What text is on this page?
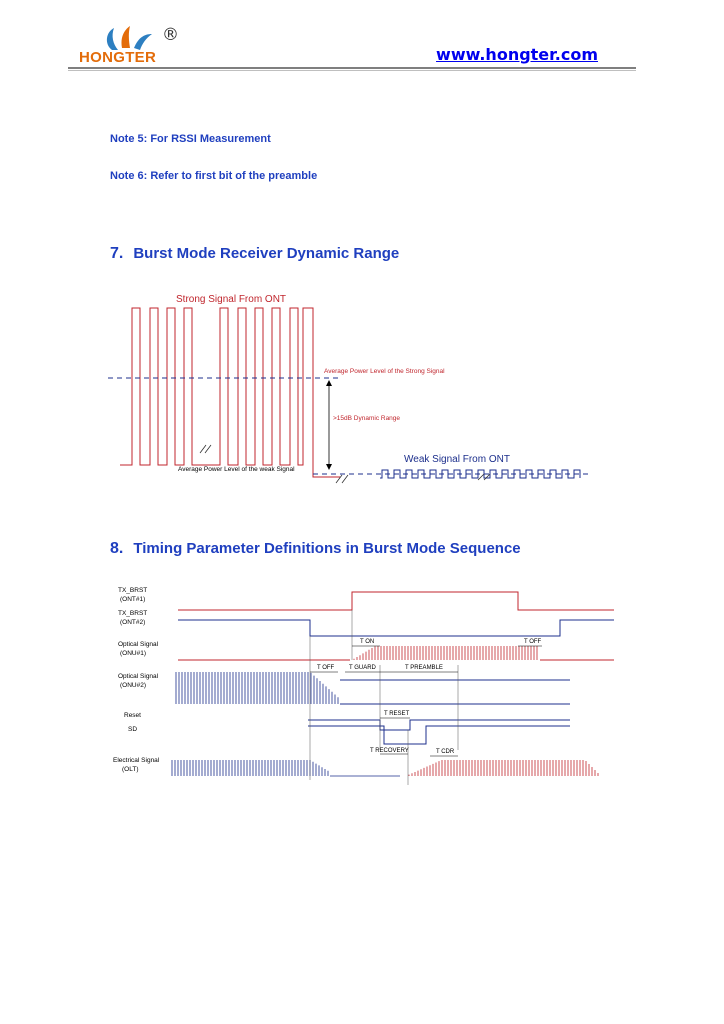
HONGTER
®
www.hongter.com
Note 5: For RSSI Measurement
Note 6: Refer to first bit of the preamble
7. Burst Mode Receiver Dynamic Range
Strong Signal From ONT
Average Power Level of the Strong Signal
>15dB Dynamic Range
Weak Signal From ONT
Average Power Level of the weak Signal
8. Timing Parameter Definitions in Burst Mode Sequence
TX_BRST
(ONT#1)
TX_BRST
(ONT#2)
Optical Signal
(ONU#1)
Optical Signal
(ONU#2)
Reset
SD
Electrical Signal
(OLT)
T ON	T OFF
T OFF T GUARD	T PREAMBLE
T RESET
T RECOVERY	T CDR
